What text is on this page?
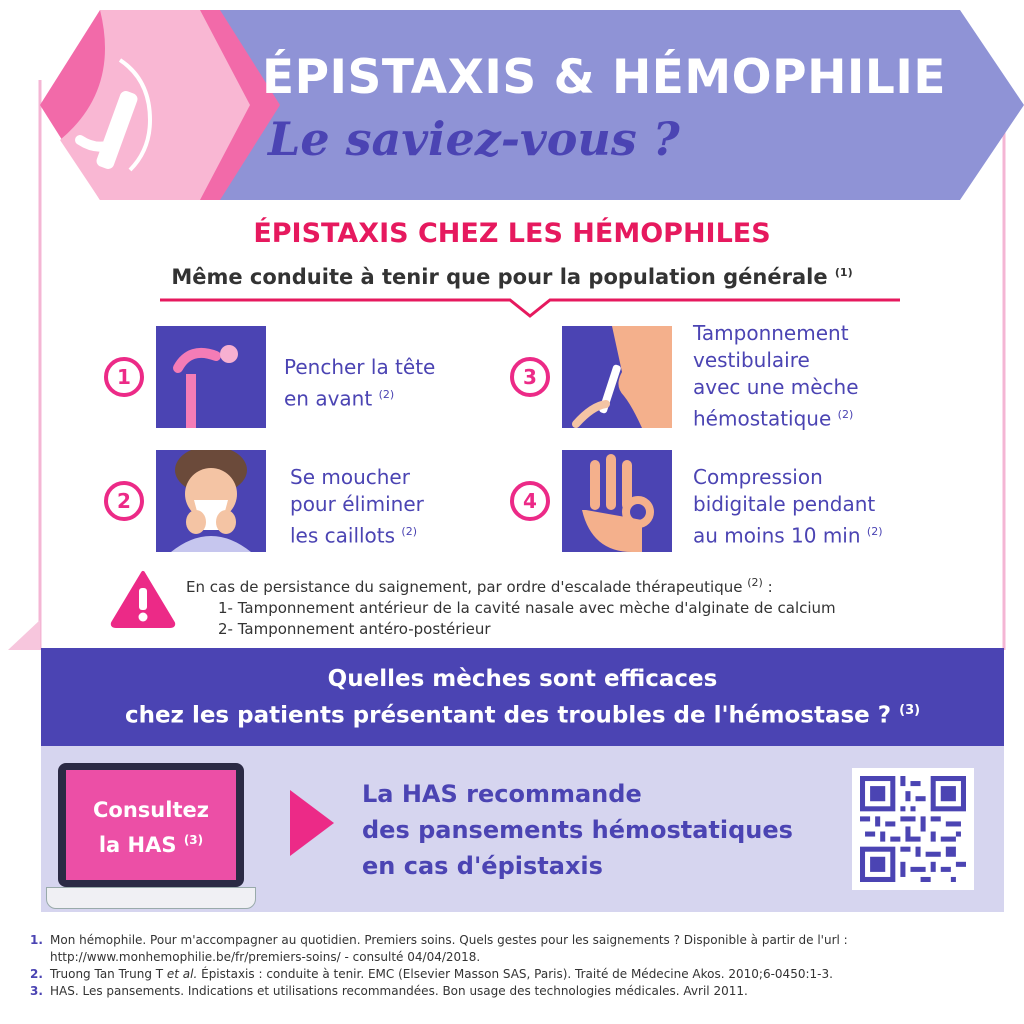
ÉPISTAXIS & HÉMOPHILIE
Le saviez-vous ?
ÉPISTAXIS CHEZ LES HÉMOPHILES
Même conduite à tenir que pour la population générale $^{(1)}$
1	Pencher la tête
en avant $^{(2)}$
2
Se moucher
pour éliminer
les caillots $^{(2)}$
3
Tamponnement
vestibulaire
avec une mèche
hémostatique $^{(2)}$
4
Compression
bidigitale pendant
au moins 10 min $^{(2)}$
En cas de persistance du saignement, par ordre d'escalade thérapeutique $^{(2)}$ :
1- Tamponnement antérieur de la cavité nasale avec mèche d'alginate de calcium
2- Tamponnement antéro-postérieur
Quelles mèches sont efficaces
chez les patients présentant des troubles de l'hémostase ? $^{(3)}$
Consultez
la HAS $^{(3)}$
La HAS recommande
des pansements hémostatiques
en cas d'épistaxis
1. Mon hémophile. Pour m'accompagner au quotidien. Premiers soins. Quels gestes pour les saignements ? Disponible à partir de l'url : http://www.monhemophilie.be/fr/premiers-soins/ - consulté 04/04/2018.
2. Truong Tan Trung T et al. Épistaxis : conduite à tenir. EMC (Elsevier Masson SAS, Paris). Traité de Médecine Akos. 2010;6-0450:1-3.
3. HAS. Les pansements. Indications et utilisations recommandées. Bon usage des technologies médicales. Avril 2011.
